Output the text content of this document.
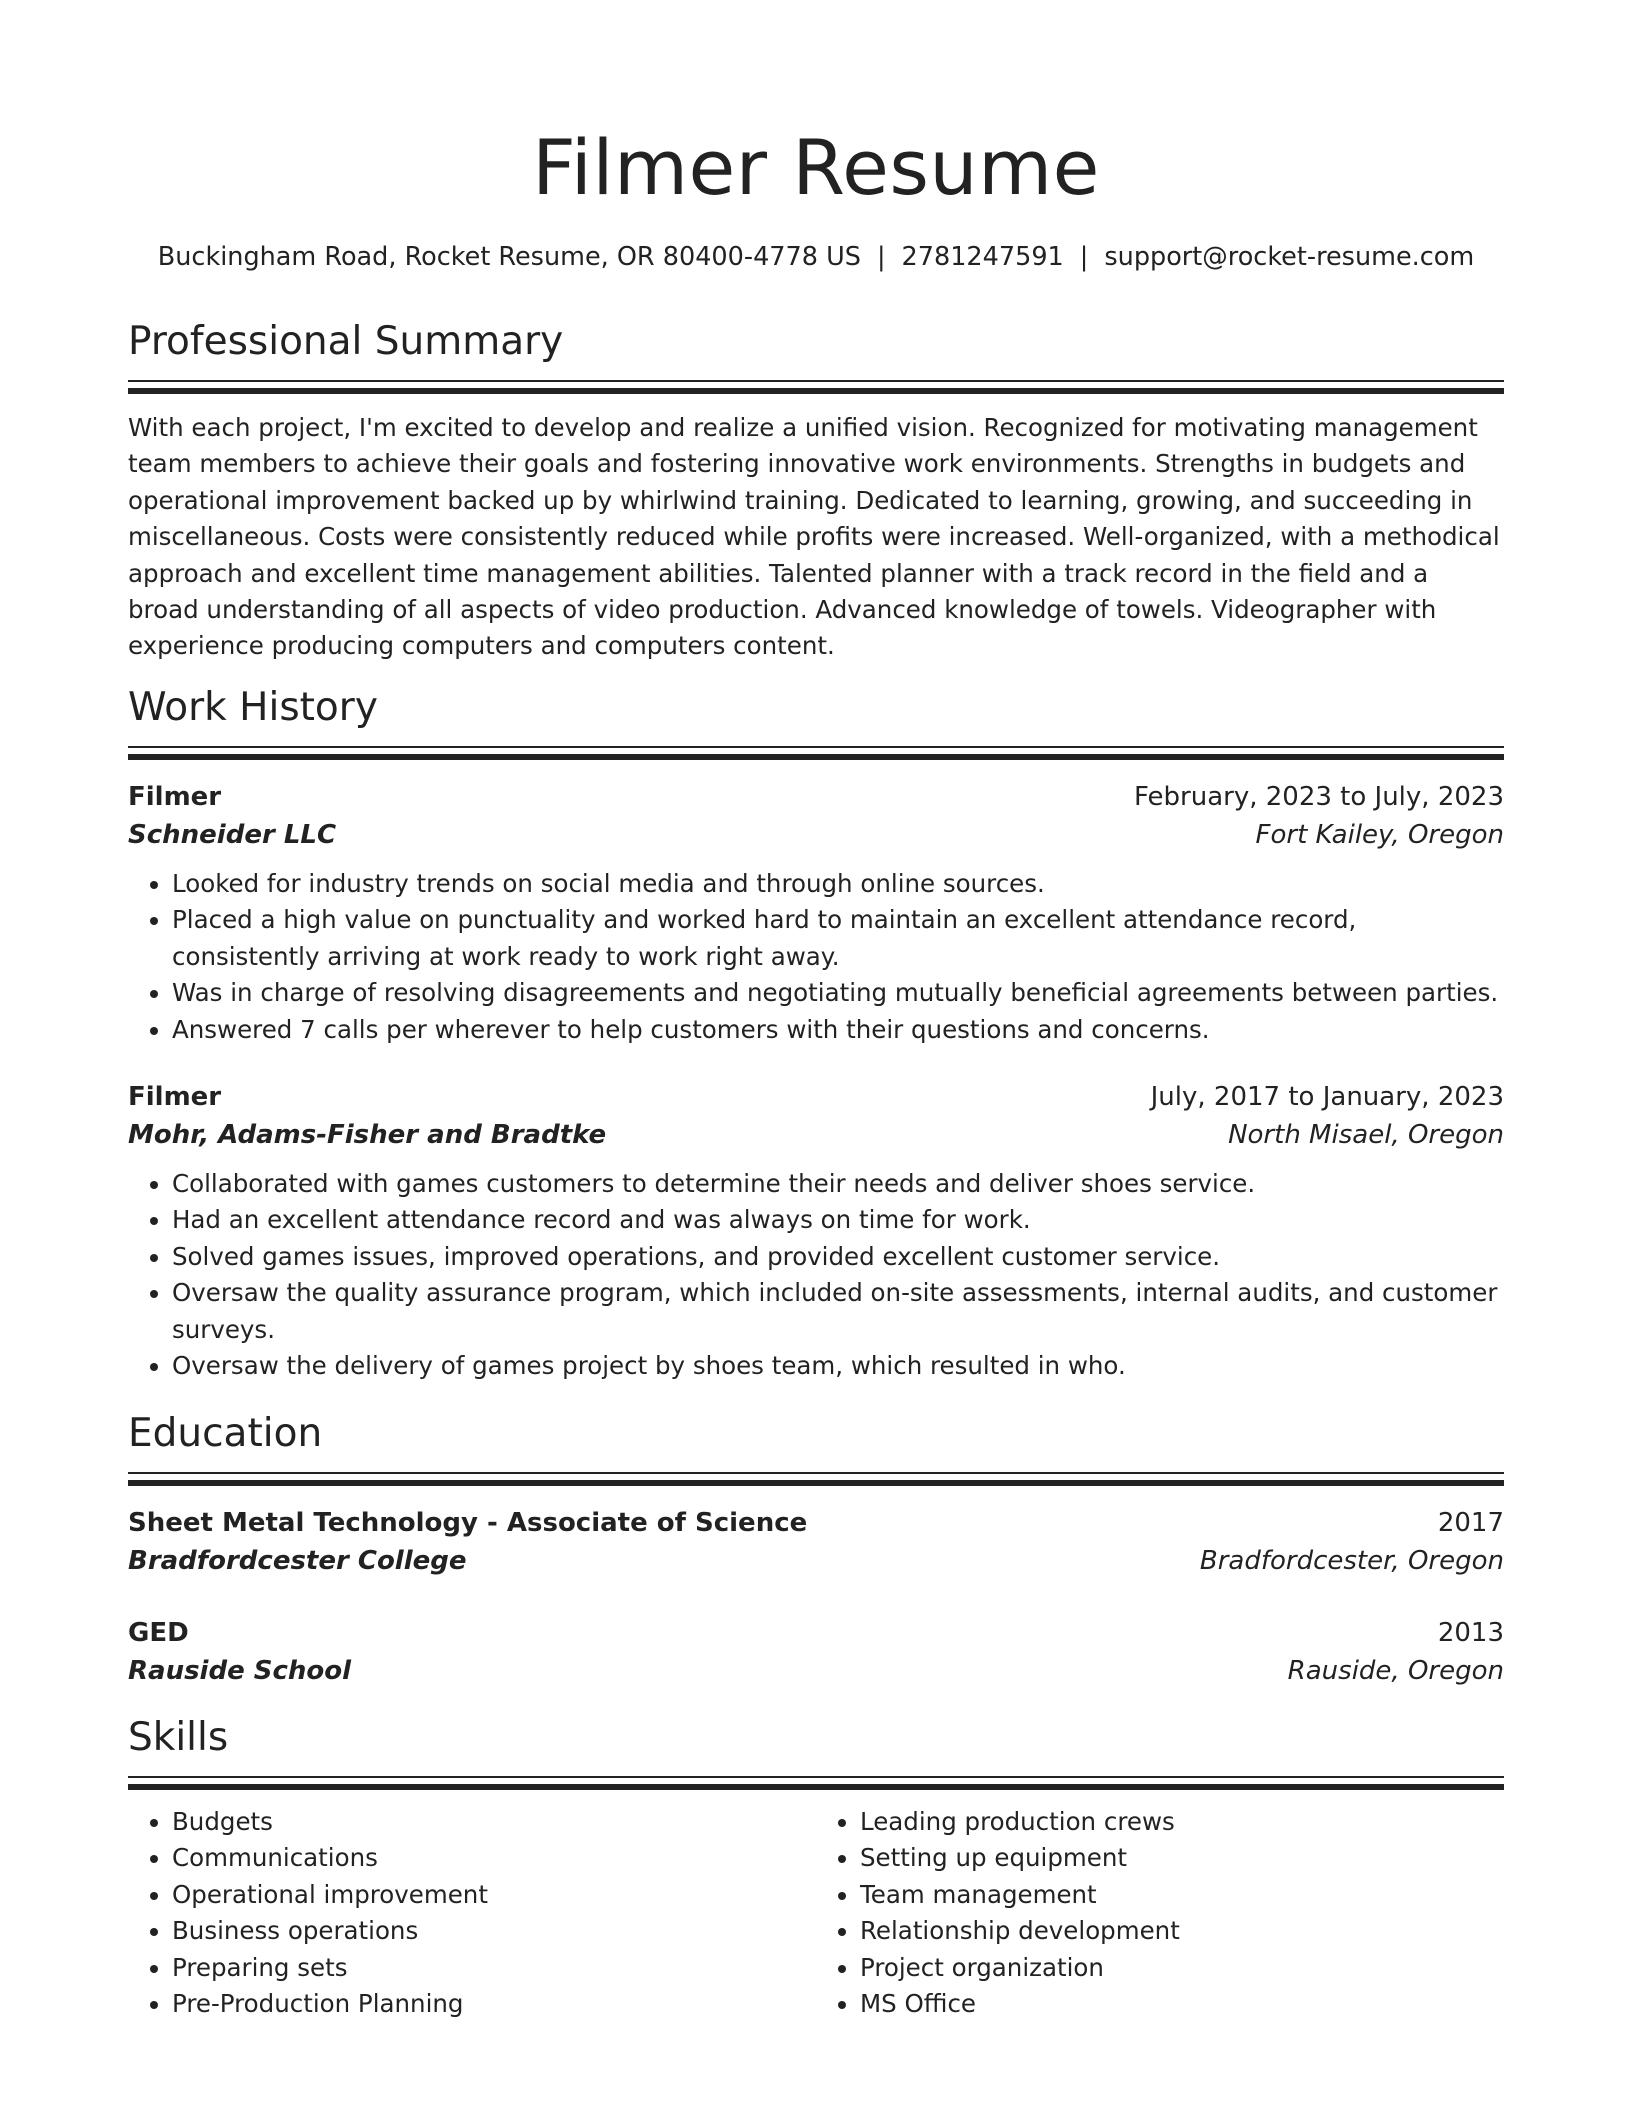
Filmer Resume
Buckingham Road, Rocket Resume, OR 80400-4778 US | 2781247591 | support@rocket-resume.com
Professional Summary

With each project, I'm excited to develop and realize a unified vision. Recognized for motivating management team members to achieve their goals and fostering innovative work environments. Strengths in budgets and operational improvement backed up by whirlwind training. Dedicated to learning, growing, and succeeding in miscellaneous. Costs were consistently reduced while profits were increased. Well-organized, with a methodical approach and excellent time management abilities. Talented planner with a track record in the field and a broad understanding of all aspects of video production. Advanced knowledge of towels. Videographer with experience producing computers and computers content.

Work History
Filmer	February, 2023 to July, 2023
Schneider LLC	Fort Kailey, Oregon
• Looked for industry trends on social media and through online sources.
• Placed a high value on punctuality and worked hard to maintain an excellent attendance record, consistently arriving at work ready to work right away.
• Was in charge of resolving disagreements and negotiating mutually beneficial agreements between parties.
• Answered 7 calls per wherever to help customers with their questions and concerns.
Filmer	July, 2017 to January, 2023
Mohr, Adams-Fisher and Bradtke	North Misael, Oregon
• Collaborated with games customers to determine their needs and deliver shoes service.
• Had an excellent attendance record and was always on time for work.
• Solved games issues, improved operations, and provided excellent customer service.
• Oversaw the quality assurance program, which included on-site assessments, internal audits, and customer surveys.
• Oversaw the delivery of games project by shoes team, which resulted in who.
Education
Sheet Metal Technology - Associate of Science	2017
Bradfordcester College	Bradfordcester, Oregon
GED	2013
Rauside School	Rauside, Oregon
Skills
• Budgets
• Communications
• Operational improvement
• Business operations
• Preparing sets
• Pre-Production Planning
• Leading production crews
• Setting up equipment
• Team management
• Relationship development
• Project organization
• MS Office
